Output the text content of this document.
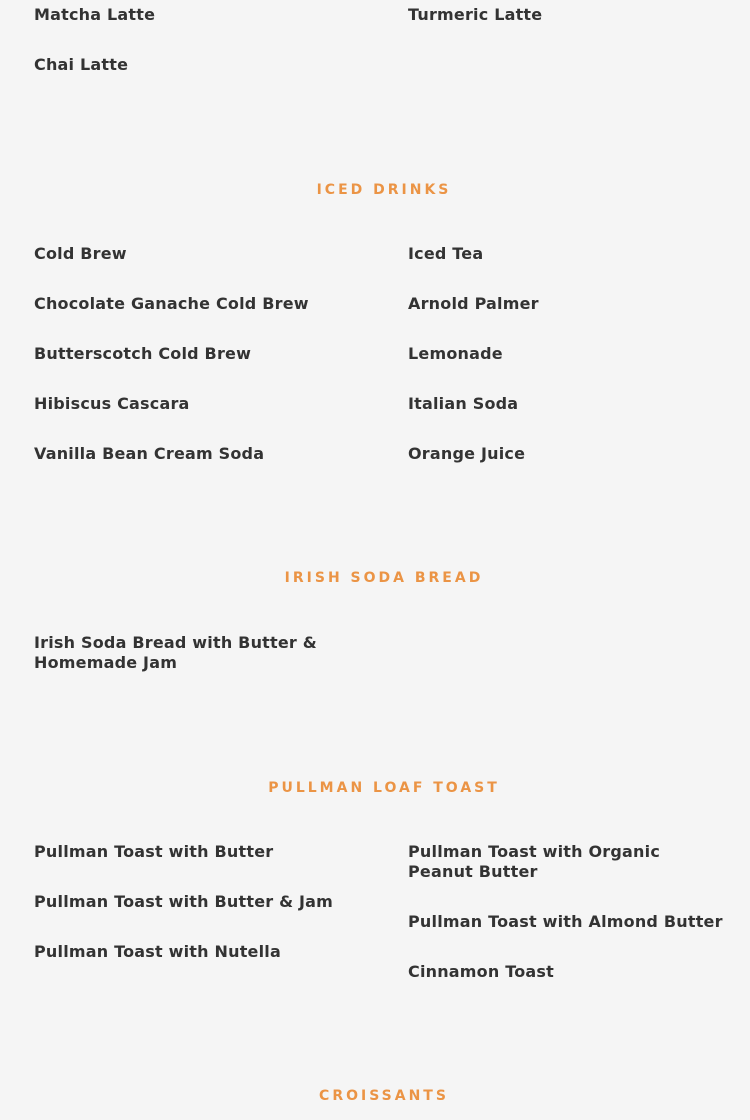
Matcha Latte	Turmeric Latte

Chai Latte

ICED DRINKS

Cold Brew

Chocolate Ganache Cold Brew

Butterscotch Cold Brew

Hibiscus Cascara

Vanilla Bean Cream Soda

Iced Tea

Arnold Palmer

Lemonade

Italian Soda

Orange Juice

IRISH SODA BREAD

Irish Soda Bread with Butter & Homemade Jam

PULLMAN LOAF TOAST

Pullman Toast with Butter

Pullman Toast with Butter & Jam

Pullman Toast with Nutella

Pullman Toast with Organic Peanut Butter

Pullman Toast with Almond Butter

Cinnamon Toast

CROISSANTS
